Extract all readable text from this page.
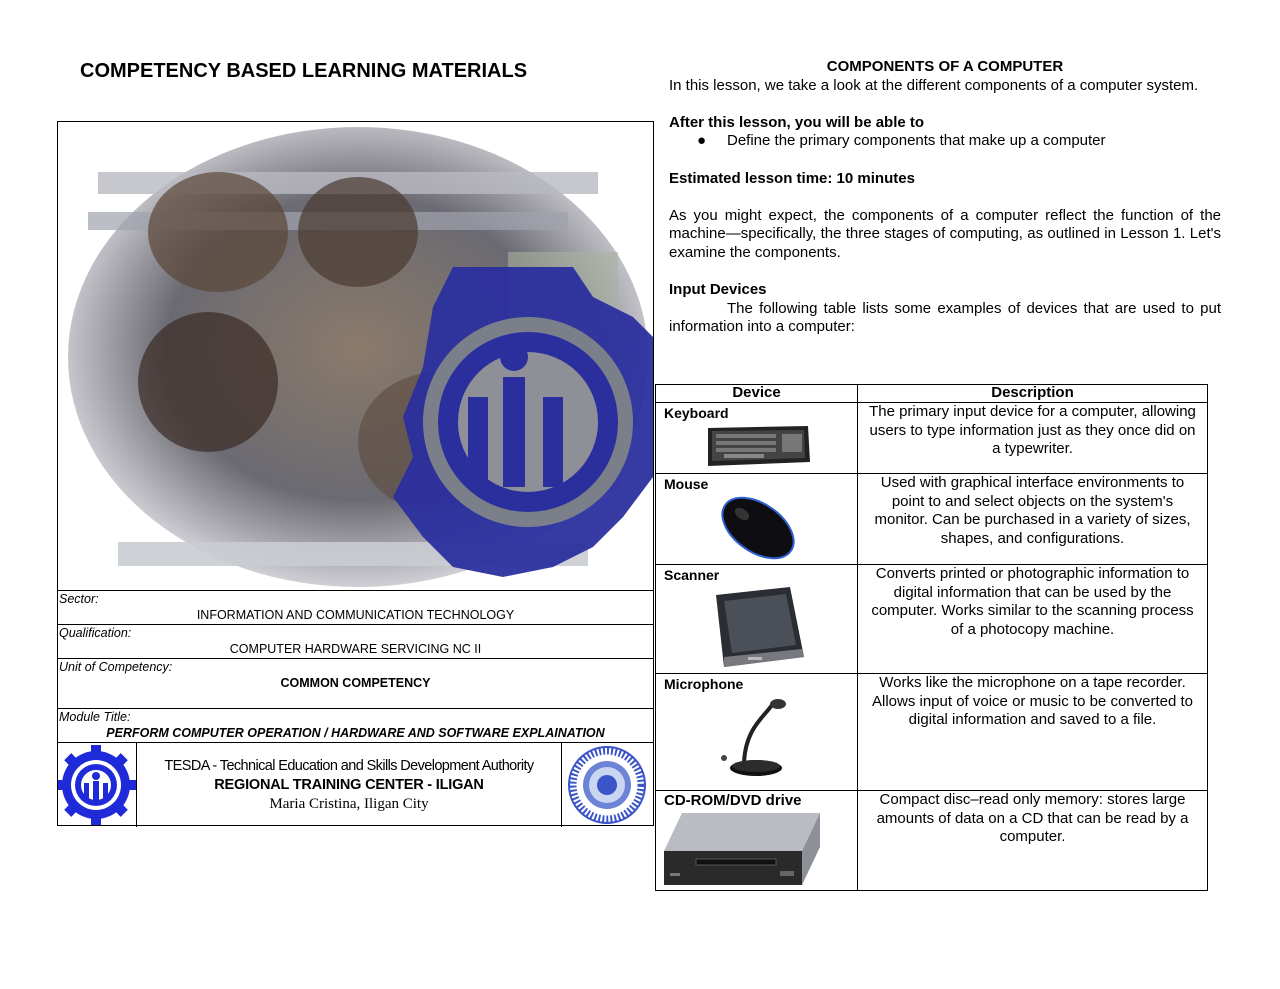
COMPETENCY BASED LEARNING MATERIALS
Sector:
INFORMATION AND COMMUNICATION TECHNOLOGY
Qualification:
COMPUTER HARDWARE SERVICING NC II
Unit of Competency:
COMMON COMPETENCY
Module Title:
PERFORM COMPUTER OPERATION / HARDWARE AND SOFTWARE EXPLAINATION
TESDA - Technical Education and Skills Development Authority
REGIONAL TRAINING CENTER - ILIGAN
Maria Cristina, Iligan City
COMPONENTS OF A COMPUTER
In this lesson, we take a look at the different components of a computer system.
After this lesson, you will be able to
●	Define the primary components that make up a computer
Estimated lesson time: 10 minutes
As you might expect, the components of a computer reflect the function of the machine—specifically, the three stages of computing, as outlined in Lesson 1. Let's examine the components.
Input Devices
The following table lists some examples of devices that are used to put information into a computer:
Device	Description
Keyboard	The primary input device for a computer, allowing users to type information just as they once did on a typewriter.
Mouse	Used with graphical interface environments to point to and select objects on the system's monitor. Can be purchased in a variety of sizes, shapes, and configurations.
Scanner	Converts printed or photographic information to digital information that can be used by the computer. Works similar to the scanning process of a photocopy machine.
Microphone	Works like the microphone on a tape recorder. Allows input of voice or music to be converted to digital information and saved to a file.
CD-ROM/DVD drive	Compact disc–read only memory: stores large amounts of data on a CD that can be read by a computer.
